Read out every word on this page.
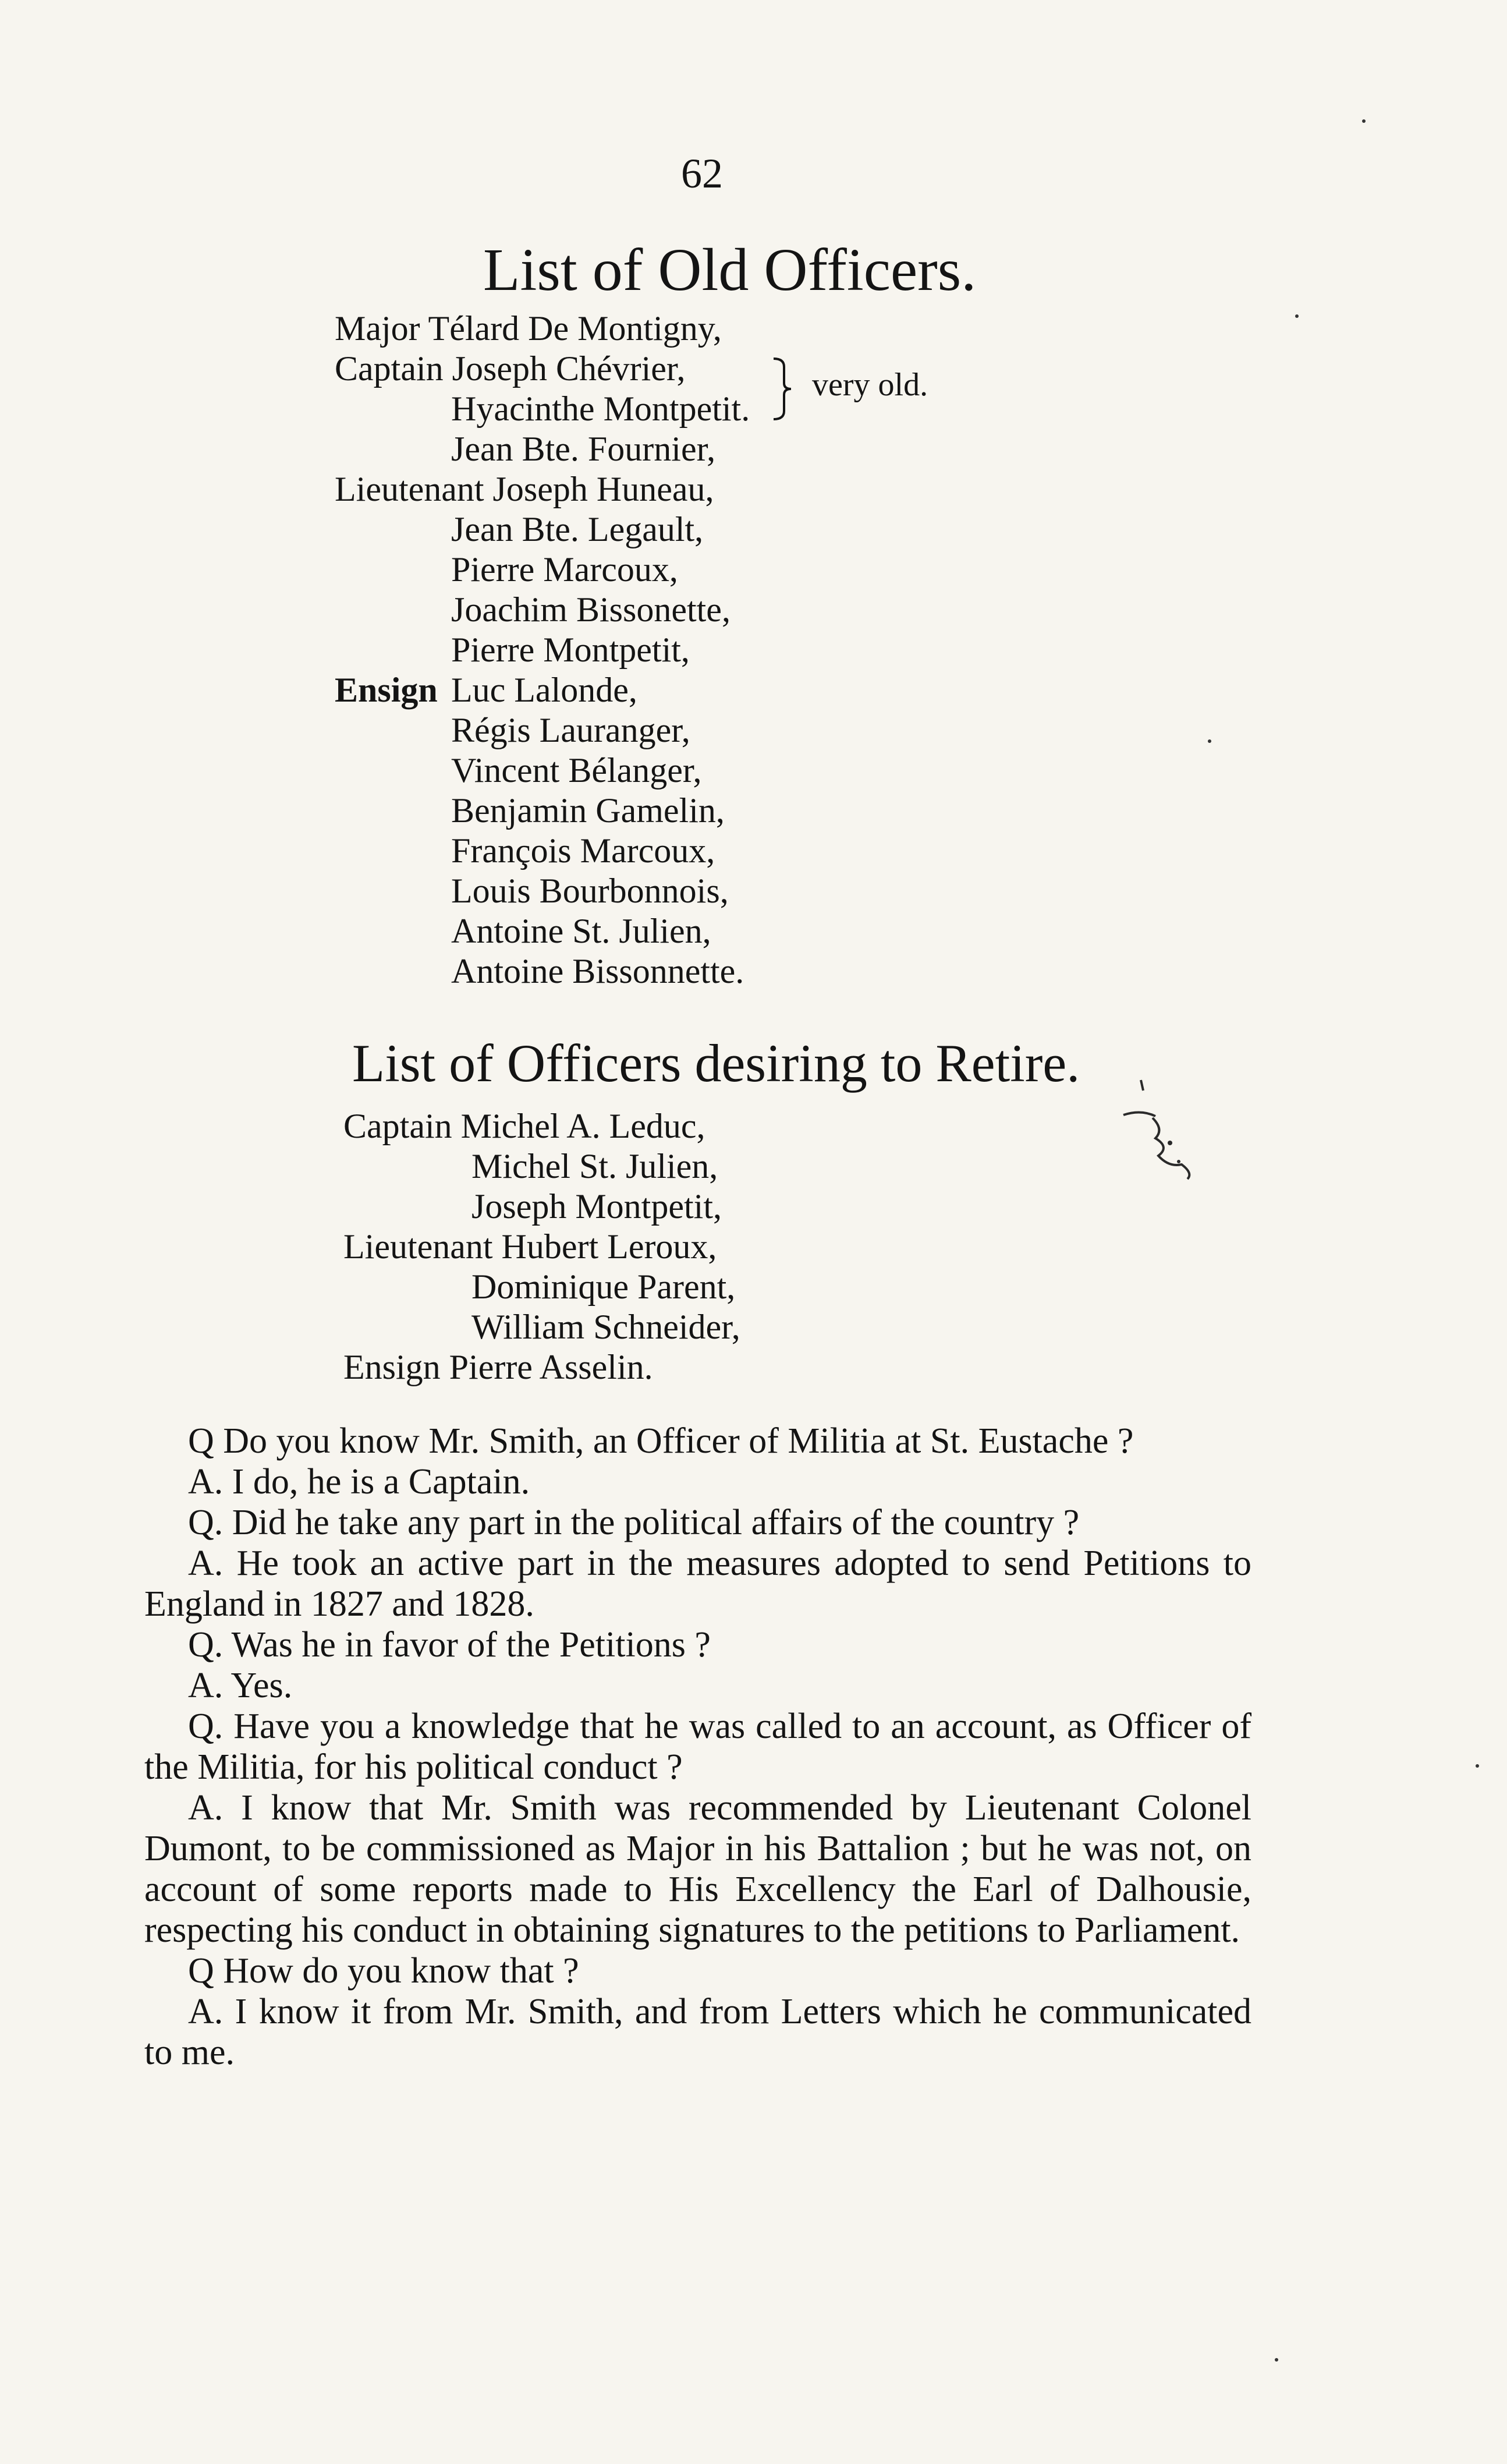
62
List of Old Officers.
Major Télard De Montigny,
Captain Joseph Chévrier,
Hyacinthe Montpetit.
Jean Bte. Fournier,
Lieutenant Joseph Huneau,
Jean Bte. Legault,
Pierre Marcoux,
Joachim Bissonette,
Pierre Montpetit,
Ensign Luc Lalonde,
Régis Lauranger,
Vincent Bélanger,
Benjamin Gamelin,
François Marcoux,
Louis Bourbonnois,
Antoine St. Julien,
Antoine Bissonnette.
very old.
List of Officers desiring to Retire.
Captain Michel A. Leduc,
Michel St. Julien,
Joseph Montpetit,
Lieutenant Hubert Leroux,
Dominique Parent,
William Schneider,
Ensign Pierre Asselin.

Q Do you know Mr. Smith, an Officer of Militia at St. Eustache ?

A. I do, he is a Captain.

Q. Did he take any part in the political affairs of the country ?

A. He took an active part in the measures adopted to send Petitions to England in 1827 and 1828.

Q. Was he in favor of the Petitions ?

A. Yes.

Q. Have you a knowledge that he was called to an account, as Officer of the Militia, for his political conduct ?

A. I know that Mr. Smith was recommended by Lieutenant Colonel Dumont, to be commissioned as Major in his Battalion ; but he was not, on account of some reports made to His Excellency the Earl of Dalhousie, respecting his conduct in obtaining signatures to the petitions to Parliament.

Q How do you know that ?

A. I know it from Mr. Smith, and from Letters which he communicated to me.
